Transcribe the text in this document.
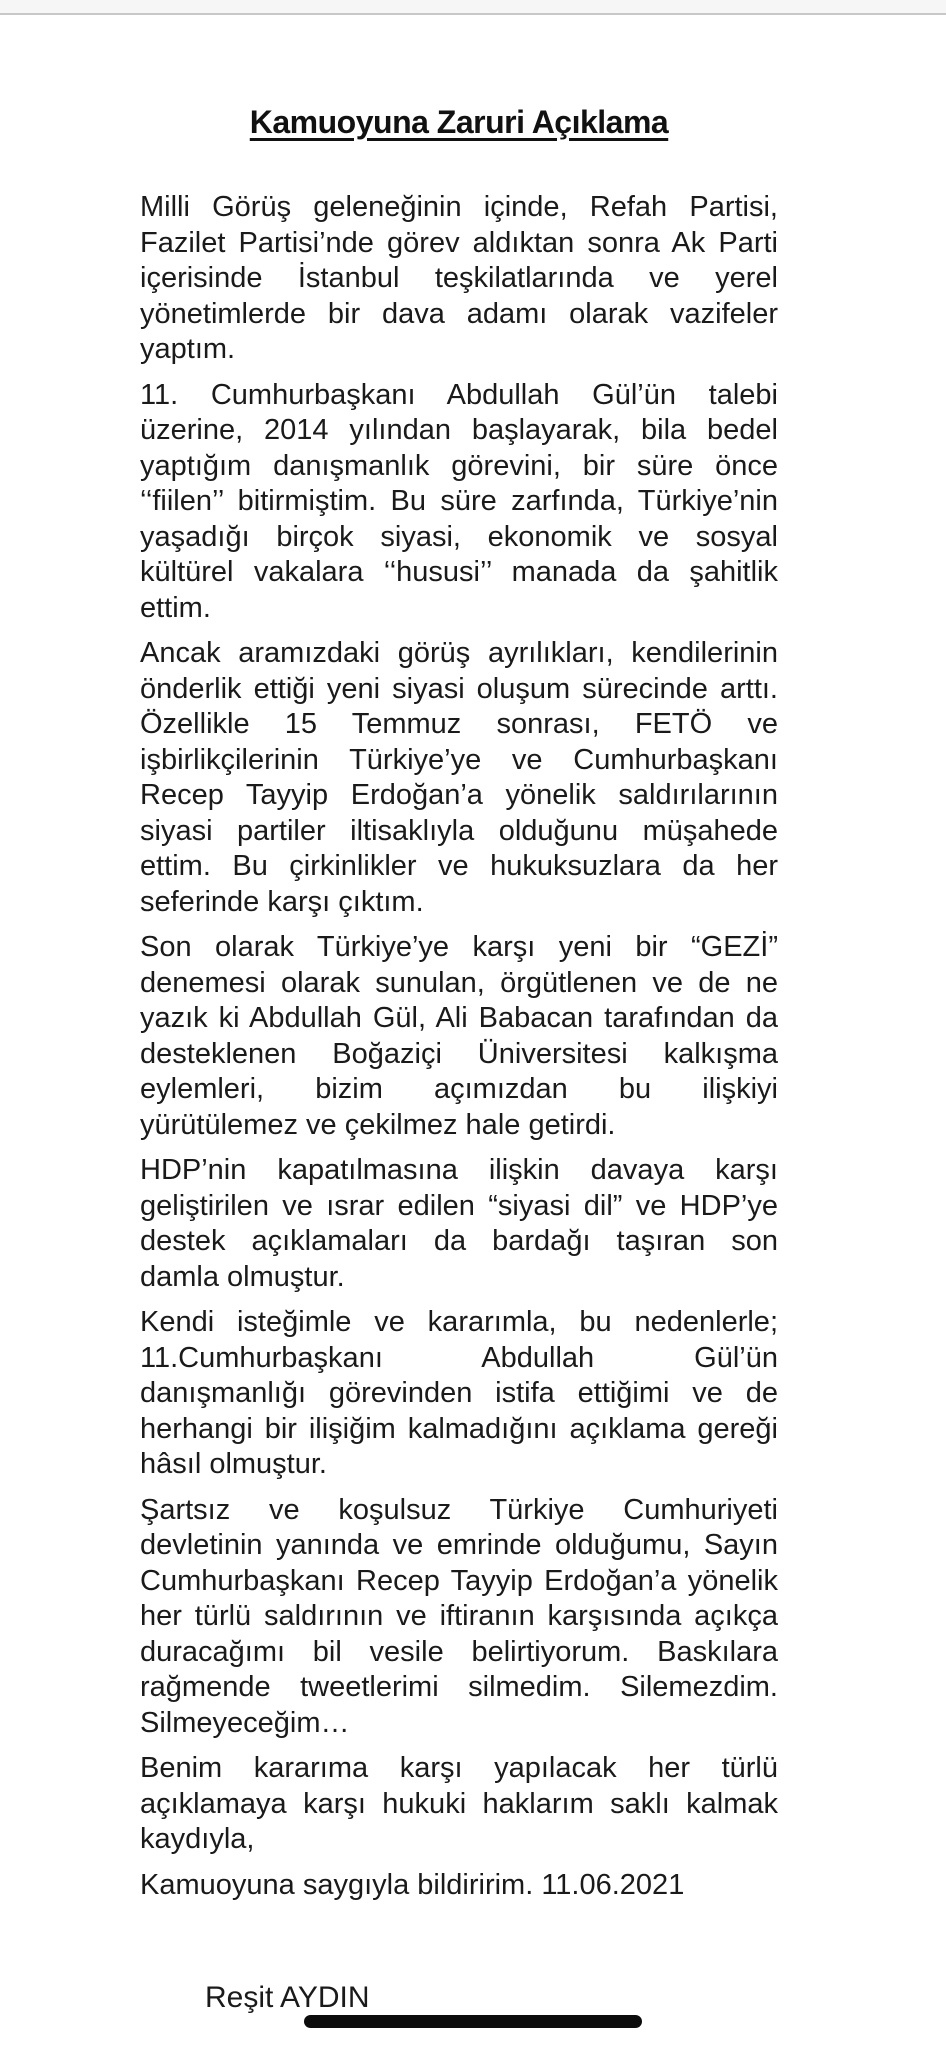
Kamuoyuna Zaruri Açıklama
Milli Görüş geleneğinin içinde, Refah Partisi,
Fazilet Partisi’nde görev aldıktan sonra Ak Parti
içerisinde İstanbul teşkilatlarında ve yerel
yönetimlerde bir dava adamı olarak vazifeler
yaptım.
11. Cumhurbaşkanı Abdullah Gül’ün talebi
üzerine, 2014 yılından başlayarak, bila bedel
yaptığım danışmanlık görevini, bir süre önce
‘‘fiilen’’ bitirmiştim. Bu süre zarfında, Türkiye’nin
yaşadığı birçok siyasi, ekonomik ve sosyal
kültürel vakalara ‘‘hususi’’ manada da şahitlik
ettim.
Ancak aramızdaki görüş ayrılıkları, kendilerinin
önderlik ettiği yeni siyasi oluşum sürecinde arttı.
Özellikle 15 Temmuz sonrası, FETÖ ve
işbirlikçilerinin Türkiye’ye ve Cumhurbaşkanı
Recep Tayyip Erdoğan’a yönelik saldırılarının
siyasi partiler iltisaklıyla olduğunu müşahede
ettim. Bu çirkinlikler ve hukuksuzlara da her
seferinde karşı çıktım.
Son olarak Türkiye’ye karşı yeni bir “GEZİ”
denemesi olarak sunulan, örgütlenen ve de ne
yazık ki Abdullah Gül, Ali Babacan tarafından da
desteklenen Boğaziçi Üniversitesi kalkışma
eylemleri, bizim açımızdan bu ilişkiyi
yürütülemez ve çekilmez hale getirdi.
HDP’nin kapatılmasına ilişkin davaya karşı
geliştirilen ve ısrar edilen “siyasi dil” ve HDP’ye
destek açıklamaları da bardağı taşıran son
damla olmuştur.
Kendi isteğimle ve kararımla, bu nedenlerle;
11.Cumhurbaşkanı Abdullah Gül’ün
danışmanlığı görevinden istifa ettiğimi ve de
herhangi bir ilişiğim kalmadığını açıklama gereği
hâsıl olmuştur.
Şartsız ve koşulsuz Türkiye Cumhuriyeti
devletinin yanında ve emrinde olduğumu, Sayın
Cumhurbaşkanı Recep Tayyip Erdoğan’a yönelik
her türlü saldırının ve iftiranın karşısında açıkça
duracağımı bil vesile belirtiyorum. Baskılara
rağmende tweetlerimi silmedim. Silemezdim.
Silmeyeceğim…
Benim kararıma karşı yapılacak her türlü
açıklamaya karşı hukuki haklarım saklı kalmak
kaydıyla,
Kamuoyuna saygıyla bildiririm. 11.06.2021
Reşit AYDIN
